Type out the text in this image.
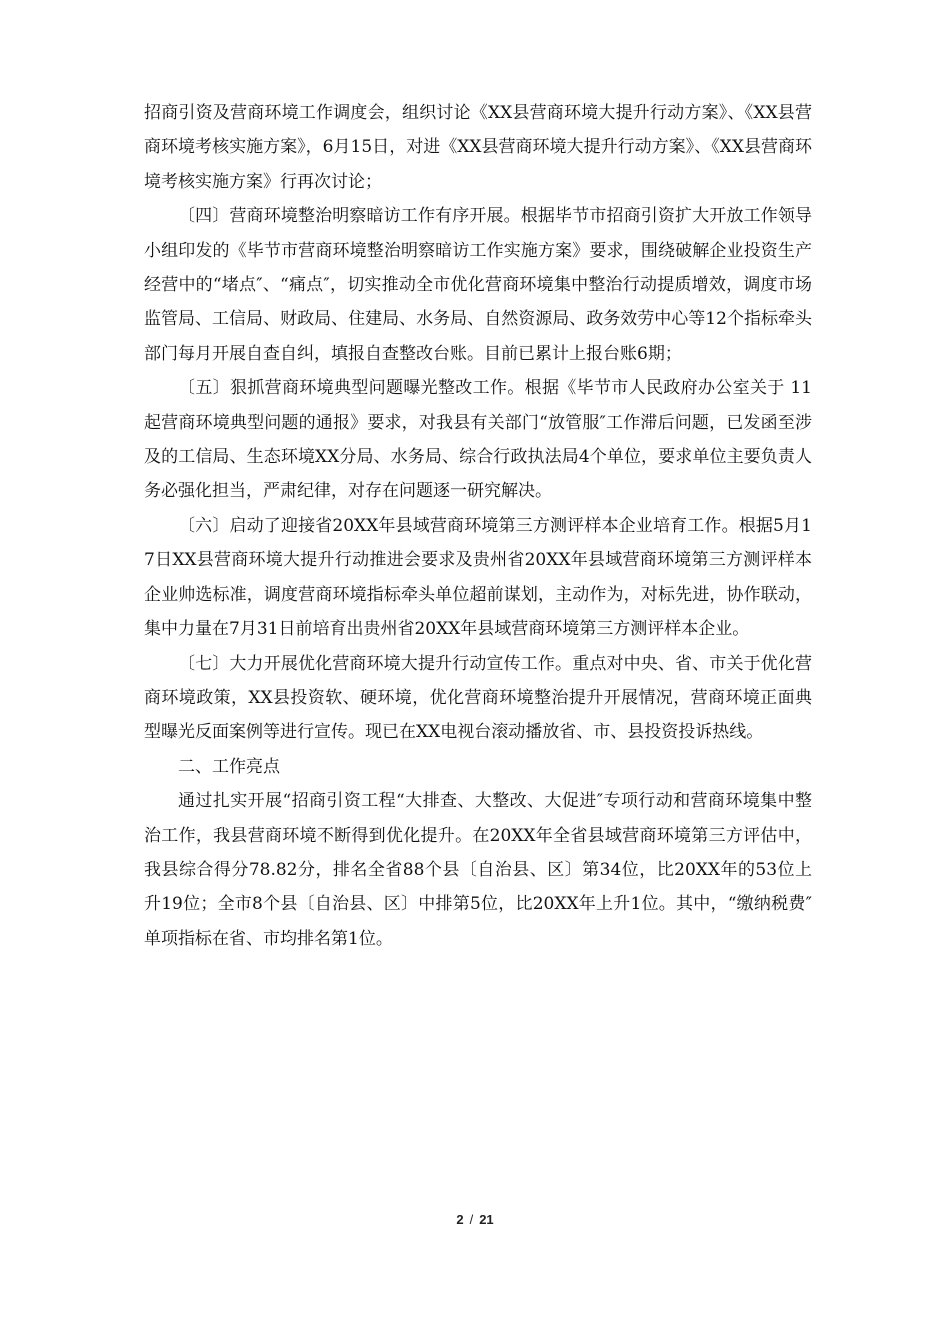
招商引资及营商环境工作调度会，组织讨论《XX县营商环境大提升行动方案》、《XX县营商环境考核实施方案》，6月15日，对进《XX县营商环境大提升行动方案》、《XX县营商环境考核实施方案》行再次讨论；

〔四〕营商环境整治明察暗访工作有序开展。根据毕节市招商引资扩大开放工作领导小组印发的《毕节市营商环境整治明察暗访工作实施方案》要求，围绕破解企业投资生产经营中的“堵点″、“痛点″，切实推动全市优化营商环境集中整治行动提质增效，调度市场监管局、工信局、财政局、住建局、水务局、自然资源局、政务效劳中心等12个指标牵头部门每月开展自查自纠，填报自查整改台账。目前已累计上报台账6期；

〔五〕狠抓营商环境典型问题曝光整改工作。根据《毕节市人民政府办公室关于 11 起营商环境典型问题的通报》要求，对我县有关部门“放管服″工作滞后问题，已发函至涉及的工信局、生态环境XX分局、水务局、综合行政执法局4个单位，要求单位主要负责人务必强化担当，严肃纪律，对存在问题逐一研究解决。

〔六〕启动了迎接省20XX年县域营商环境第三方测评样本企业培育工作。根据5月17日XX县营商环境大提升行动推进会要求及贵州省20XX年县域营商环境第三方测评样本企业帅选标准，调度营商环境指标牵头单位超前谋划，主动作为，对标先进，协作联动，集中力量在7月31日前培育出贵州省20XX年县域营商环境第三方测评样本企业。

〔七〕大力开展优化营商环境大提升行动宣传工作。重点对中央、省、市关于优化营商环境政策，XX县投资软、硬环境，优化营商环境整治提升开展情况，营商环境正面典型曝光反面案例等进行宣传。现已在XX电视台滚动播放省、市、县投资投诉热线。

二、工作亮点

通过扎实开展“招商引资工程“大排查、大整改、大促进″专项行动和营商环境集中整治工作，我县营商环境不断得到优化提升。在20XX年全省县域营商环境第三方评估中，我县综合得分78.82分，排名全省88个县〔自治县、区〕第34位，比20XX年的53位上升19位；全市8个县〔自治县、区〕中排第5位，比20XX年上升1位。其中，“缴纳税费″单项指标在省、市均排名第1位。

2 / 21
